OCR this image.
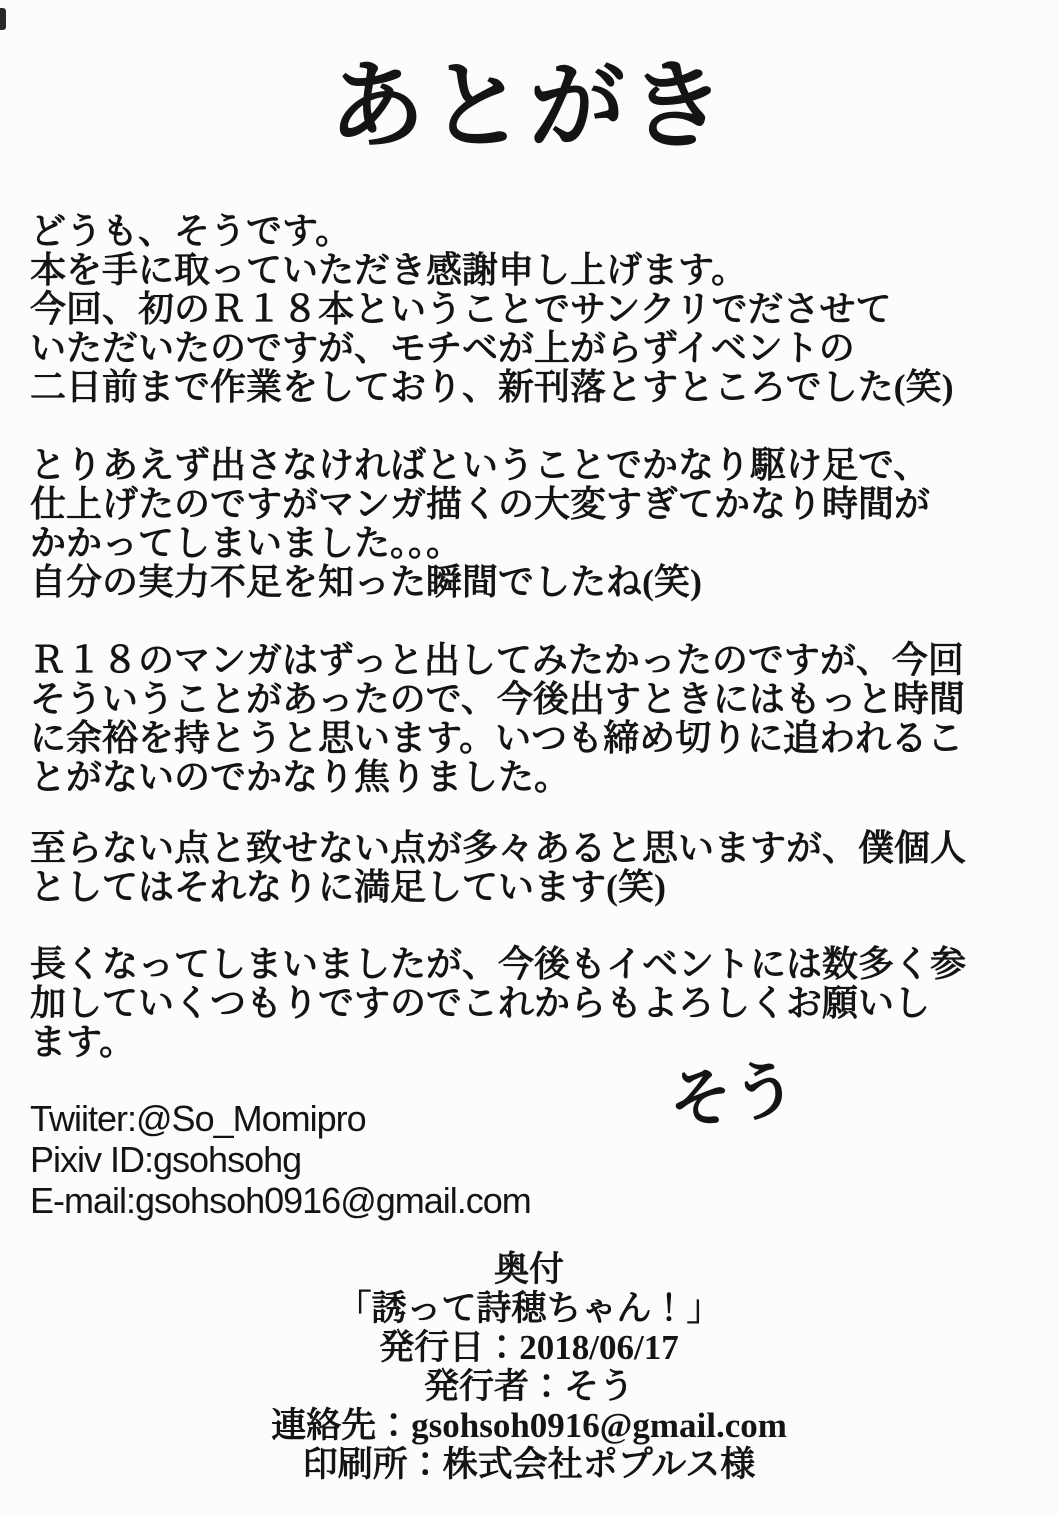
あとがき
どうも、そうです。
本を手に取っていただき感謝申し上げます。
今回、初のＲ１８本ということでサンクリでださせて
いただいたのですが、モチベが上がらずイベントの
二日前まで作業をしており、新刊落とすところでした(笑)
とりあえず出さなければということでかなり駆け足で、
仕上げたのですがマンガ描くの大変すぎてかなり時間が
かかってしまいました。。。
自分の実力不足を知った瞬間でしたね(笑)
Ｒ１８のマンガはずっと出してみたかったのですが、今回
そういうことがあったので、今後出すときにはもっと時間
に余裕を持とうと思います。いつも締め切りに追われるこ
とがないのでかなり焦りました。
至らない点と致せない点が多々あると思いますが、僕個人
としてはそれなりに満足しています(笑)
長くなってしまいましたが、今後もイベントには数多く参
加していくつもりですのでこれからもよろしくお願いし
ます。
そう
Twiiter:@So_Momipro
Pixiv ID:gsohsohg
E-mail:gsohsoh0916@gmail.com
奥付
「誘って詩穂ちゃん！」
発行日：2018/06/17
発行者：そう
連絡先：gsohsoh0916@gmail.com
印刷所：株式会社ポプルス様
